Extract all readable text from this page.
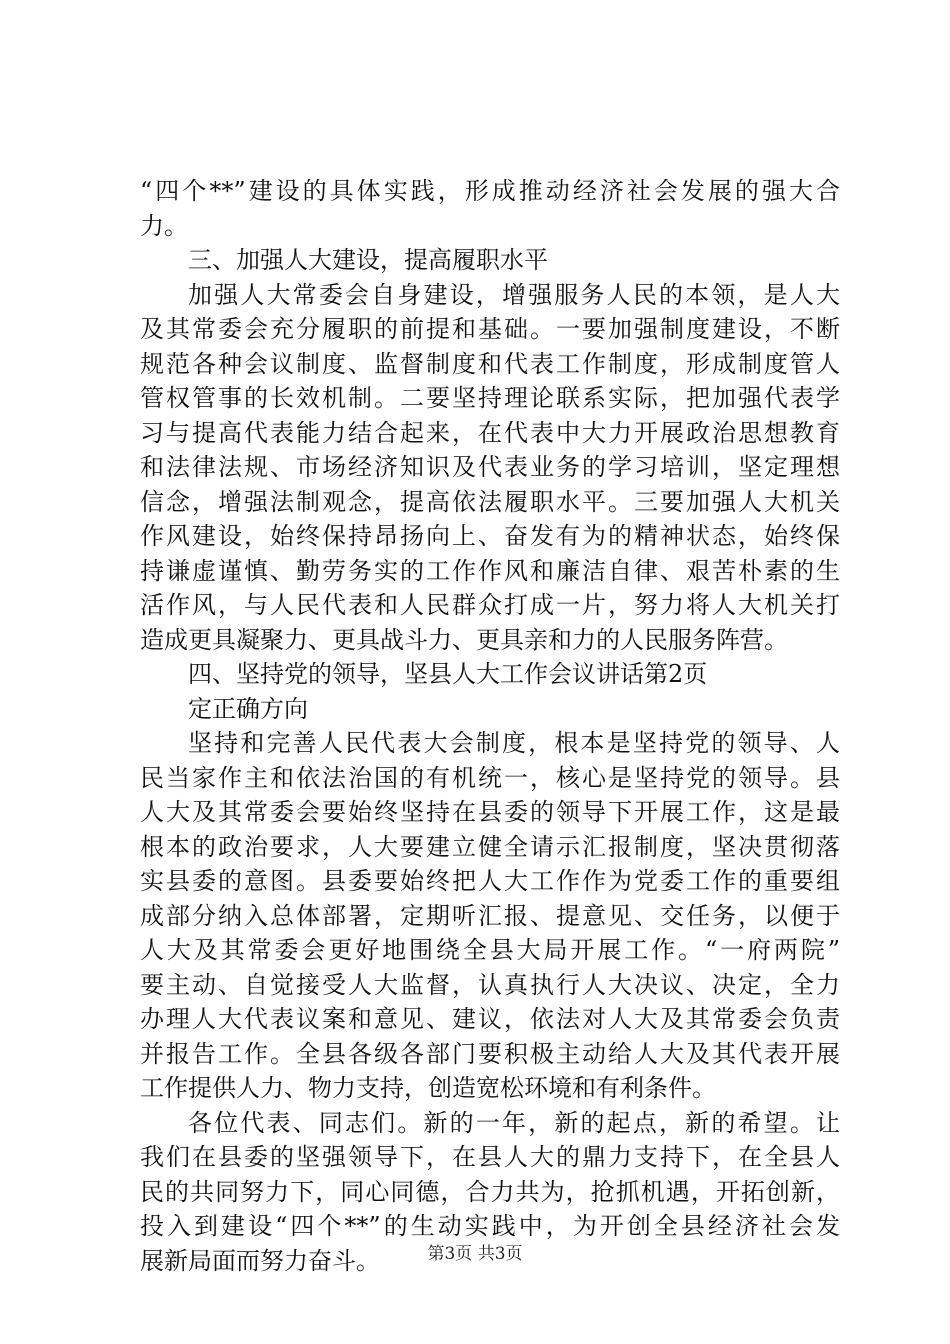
“四个**”建设的具体实践，形成推动经济社会发展的强大合
力。
三、加强人大建设，提高履职水平
加强人大常委会自身建设，增强服务人民的本领，是人大
及其常委会充分履职的前提和基础。一要加强制度建设，不断
规范各种会议制度、监督制度和代表工作制度，形成制度管人
管权管事的长效机制。二要坚持理论联系实际，把加强代表学
习与提高代表能力结合起来，在代表中大力开展政治思想教育
和法律法规、市场经济知识及代表业务的学习培训，坚定理想
信念，增强法制观念，提高依法履职水平。三要加强人大机关
作风建设，始终保持昂扬向上、奋发有为的精神状态，始终保
持谦虚谨慎、勤劳务实的工作作风和廉洁自律、艰苦朴素的生
活作风，与人民代表和人民群众打成一片，努力将人大机关打
造成更具凝聚力、更具战斗力、更具亲和力的人民服务阵营。
四、坚持党的领导，坚县人大工作会议讲话第2页
定正确方向
坚持和完善人民代表大会制度，根本是坚持党的领导、人
民当家作主和依法治国的有机统一，核心是坚持党的领导。县
人大及其常委会要始终坚持在县委的领导下开展工作，这是最
根本的政治要求，人大要建立健全请示汇报制度，坚决贯彻落
实县委的意图。县委要始终把人大工作作为党委工作的重要组
成部分纳入总体部署，定期听汇报、提意见、交任务，以便于
人大及其常委会更好地围绕全县大局开展工作。“一府两院”
要主动、自觉接受人大监督，认真执行人大决议、决定，全力
办理人大代表议案和意见、建议，依法对人大及其常委会负责
并报告工作。全县各级各部门要积极主动给人大及其代表开展
工作提供人力、物力支持，创造宽松环境和有利条件。
各位代表、同志们。新的一年，新的起点，新的希望。让
我们在县委的坚强领导下，在县人大的鼎力支持下，在全县人
民的共同努力下，同心同德，合力共为，抢抓机遇，开拓创新，
投入到建设“四个**”的生动实践中，为开创全县经济社会发
展新局面而努力奋斗。	第3页 共3页
